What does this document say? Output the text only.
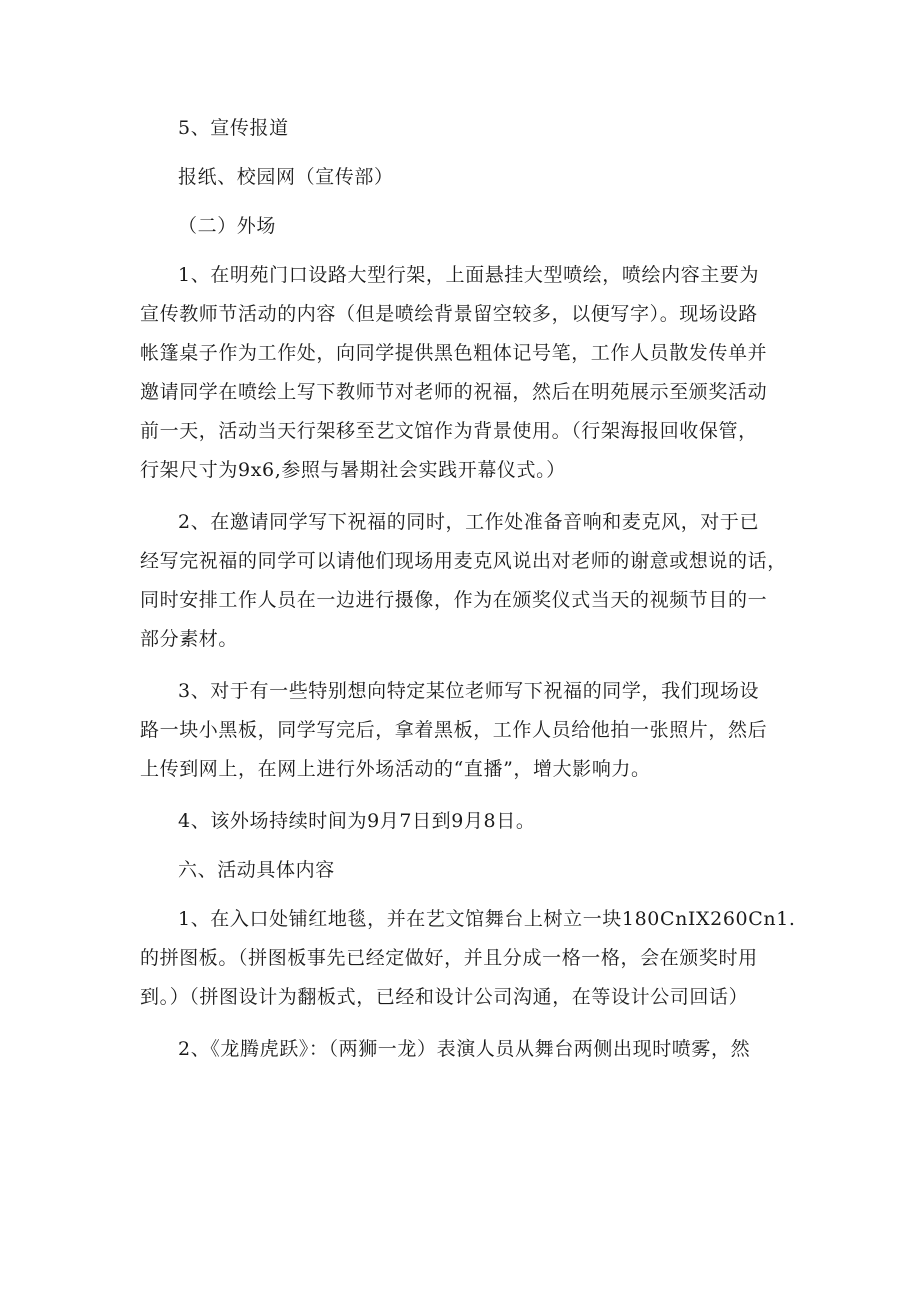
5、宣传报道
报纸、校园网（宣传部）
（二）外场
1、在明苑门口设路大型行架，上面悬挂大型喷绘，喷绘内容主要为
宣传教师节活动的内容（但是喷绘背景留空较多，以便写字）。现场设路
帐篷桌子作为工作处，向同学提供黑色粗体记号笔，工作人员散发传单并
邀请同学在喷绘上写下教师节对老师的祝福，然后在明苑展示至颁奖活动
前一天，活动当天行架移至艺文馆作为背景使用。（行架海报回收保管，
行架尺寸为9x6,参照与暑期社会实践开幕仪式。）
2、在邀请同学写下祝福的同时，工作处准备音响和麦克风，对于已
经写完祝福的同学可以请他们现场用麦克风说出对老师的谢意或想说的话，
同时安排工作人员在一边进行摄像，作为在颁奖仪式当天的视频节目的一
部分素材。
3、对于有一些特别想向特定某位老师写下祝福的同学，我们现场设
路一块小黑板，同学写完后，拿着黑板，工作人员给他拍一张照片，然后
上传到网上，在网上进行外场活动的“直播”，增大影响力。
4、该外场持续时间为9月7日到9月8日。
六、活动具体内容
1、在入口处铺红地毯，并在艺文馆舞台上树立一块180CnIX260Cn1.
的拼图板。（拼图板事先已经定做好，并且分成一格一格，会在颁奖时用
到。）（拼图设计为翻板式，已经和设计公司沟通，在等设计公司回话）
2、《龙腾虎跃》：（两狮一龙）表演人员从舞台两侧出现时喷雾，然
